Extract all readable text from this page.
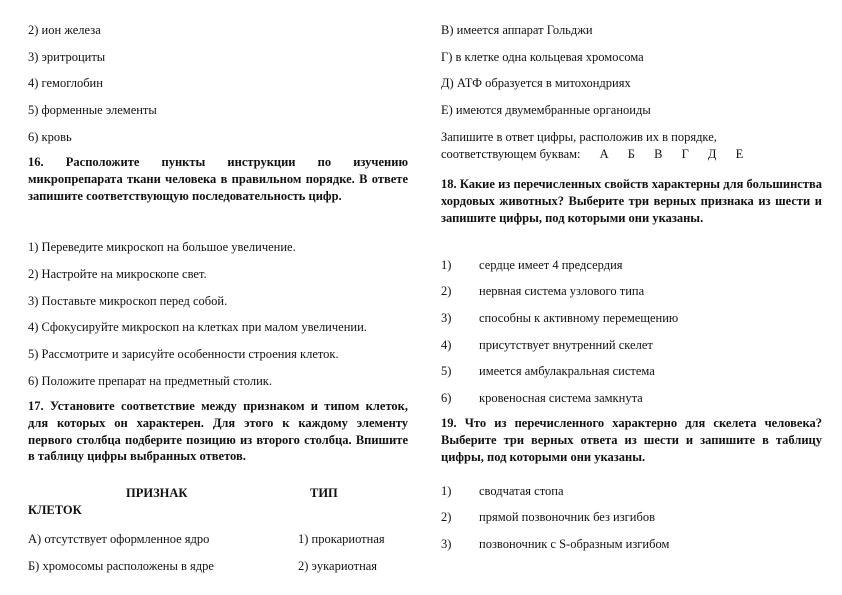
2) ион железа
3) эритроциты
4) гемоглобин
5) форменные элементы
6) кровь
16. Расположите пункты инструкции по изучению микропрепарата ткани человека в правильном порядке. В ответе запишите соответствующую последовательность цифр.
1) Переведите микроскоп на большое увеличение.
2) Настройте на микроскопе свет.
3) Поставьте микроскоп перед собой.
4) Сфокусируйте микроскоп на клетках при малом увеличении.
5) Рассмотрите и зарисуйте особенности строения клеток.
6) Положите препарат на предметный столик.
17. Установите соответствие между признаком и типом клеток, для которых он характерен. Для этого к каждому элементу первого столбца подберите позицию из второго столбца. Впишите в таблицу цифры выбранных ответов.
ПРИЗНАК	ТИП
КЛЕТОК
А) отсутствует оформленное ядро	1) прокариотная
Б) хромосомы расположены в ядре	2) эукариотная
В) имеется аппарат Гольджи
Г) в клетке одна кольцевая хромосома
Д) АТФ образуется в митохондриях
Е) имеются двумембранные органоиды
Запишите в ответ цифры, расположив их в порядке,
соответствующем буквам: А Б В Г Д Е
18. Какие из перечисленных свойств характерны для большинства хордовых животных? Выберите три верных признака из шести и запишите цифры, под которыми они указаны.
1) сердце имеет 4 предсердия
2) нервная система узлового типа
3) способны к активному перемещению
4) присутствует внутренний скелет
5) имеется амбулакральная система
6) кровеносная система замкнута
19. Что из перечисленного характерно для скелета человека? Выберите три верных ответа из шести и запишите в таблицу цифры, под которыми они указаны.
1) сводчатая стопа
2) прямой позвоночник без изгибов
3) позвоночник с S-образным изгибом
